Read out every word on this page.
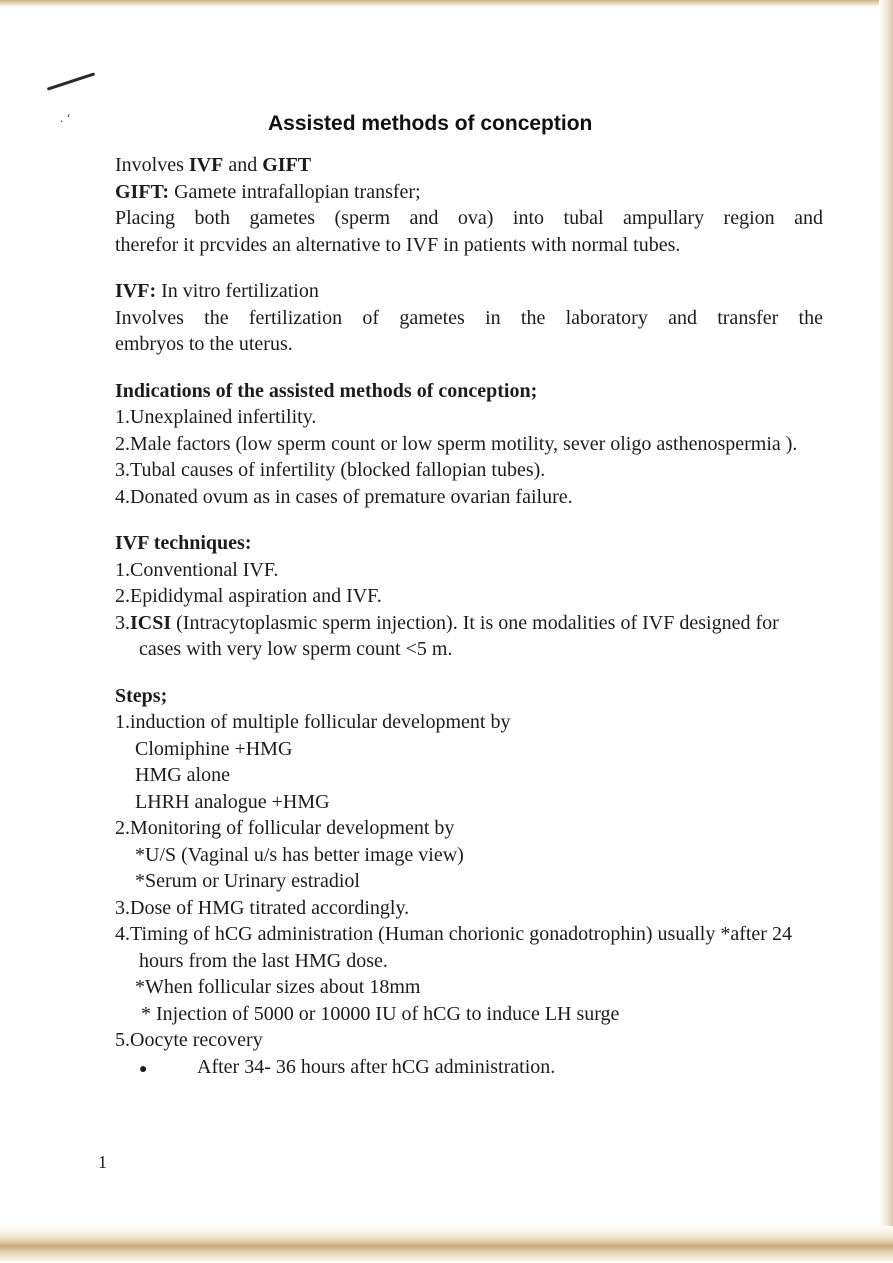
. ʻ	Assisted methods of conception

Involves IVF and GIFT

GIFT: Gamete intrafallopian transfer;

Placing both gametes (sperm and ova) into tubal ampullary region and

therefor it prcvides an alternative to IVF in patients with normal tubes.

IVF: In vitro fertilization

Involves the fertilization of gametes in the laboratory and transfer the

embryos to the uterus.

Indications of the assisted methods of conception;

1.Unexplained infertility.

2.Male factors (low sperm count or low sperm motility, sever oligo asthenospermia ).

3.Tubal causes of infertility (blocked fallopian tubes).

4.Donated ovum as in cases of premature ovarian failure.

IVF techniques:

1.Conventional IVF.

2.Epididymal aspiration and IVF.

3.ICSI (Intracytoplasmic sperm injection). It is one modalities of IVF designed for cases with very low sperm count <5 m.

Steps;

1.induction of multiple follicular development by

Clomiphine +HMG

HMG alone

LHRH analogue +HMG

2.Monitoring of follicular development by

*U/S (Vaginal u/s has better image view)

*Serum or Urinary estradiol

3.Dose of HMG titrated accordingly.

4.Timing of hCG administration (Human chorionic gonadotrophin) usually *after 24 hours from the last HMG dose.

*When follicular sizes about 18mm

* Injection of 5000 or 10000 IU of hCG to induce LH surge

5.Oocyte recovery

●	After 34- 36 hours after hCG administration.

1
